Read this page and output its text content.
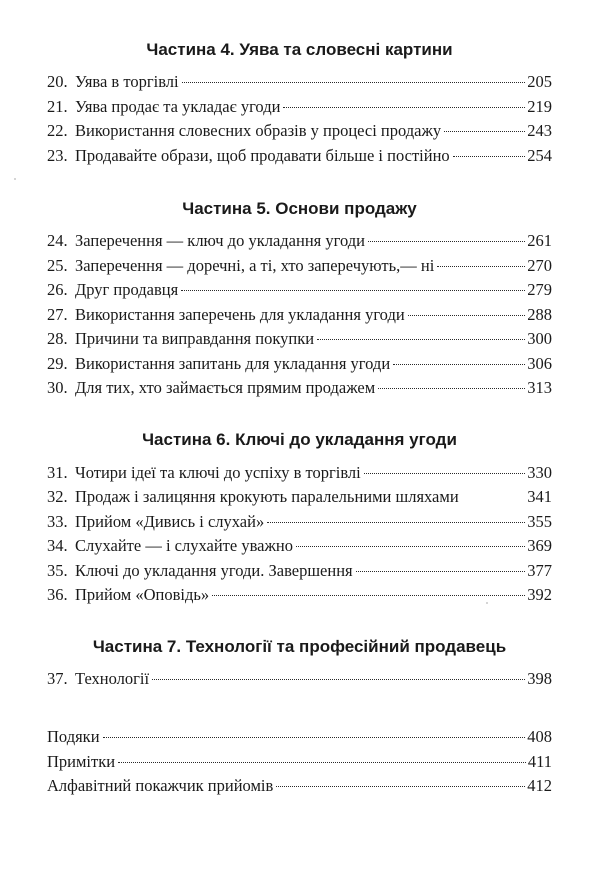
Частина 4. Уява та словесні картини
20. Уява в торгівлі	205
21. Уява продає та укладає угоди	219
22. Використання словесних образів у процесі продажу	243
23. Продавайте образи, щоб продавати більше і постійно	254
Частина 5. Основи продажу
24. Заперечення — ключ до укладання угоди	261
25. Заперечення — доречні, а ті, хто заперечують,— ні	270
26. Друг продавця	279
27. Використання заперечень для укладання угоди	288
28. Причини та виправдання покупки	300
29. Використання запитань для укладання угоди	306
30. Для тих, хто займається прямим продажем	313
Частина 6. Ключі до укладання угоди
31. Чотири ідеї та ключі до успіху в торгівлі	330
32. Продаж і залицяння крокують паралельними шляхами	341
33. Прийом «Дивись і слухай»	355
34. Слухайте — і слухайте уважно	369
35. Ключі до укладання угоди. Завершення	377
36. Прийом «Оповідь»	392
Частина 7. Технології та професійний продавець
37. Технології	398
Подяки	408
Примітки	411
Алфавітний покажчик прийомів	412
